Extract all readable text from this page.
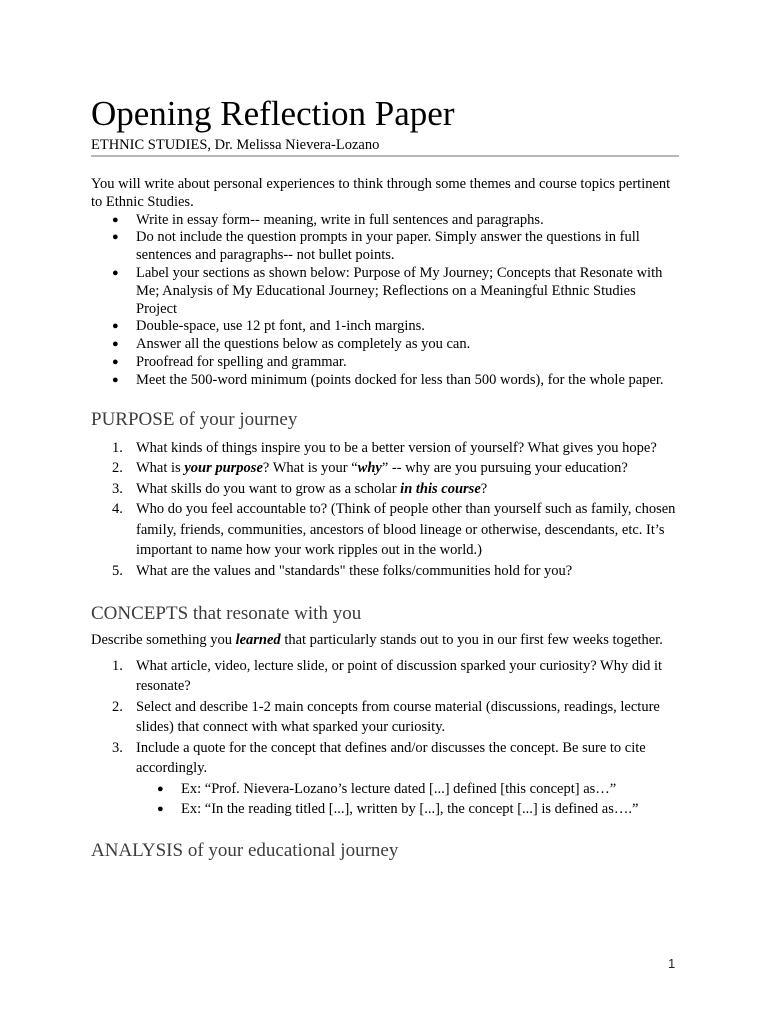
Opening Reflection Paper
ETHNIC STUDIES, Dr. Melissa Nievera-Lozano

You will write about personal experiences to think through some themes and course topics pertinent to Ethnic Studies.

● Write in essay form-- meaning, write in full sentences and paragraphs.
● Do not include the question prompts in your paper. Simply answer the questions in full sentences and paragraphs-- not bullet points.
● Label your sections as shown below: Purpose of My Journey; Concepts that Resonate with Me; Analysis of My Educational Journey; Reflections on a Meaningful Ethnic Studies Project
● Double-space, use 12 pt font, and 1-inch margins.
● Answer all the questions below as completely as you can.
● Proofread for spelling and grammar.
● Meet the 500-word minimum (points docked for less than 500 words), for the whole paper.
PURPOSE of your journey
1. What kinds of things inspire you to be a better version of yourself? What gives you hope?
2. What is your purpose? What is your “why” -- why are you pursuing your education?
3. What skills do you want to grow as a scholar in this course?
4. Who do you feel accountable to? (Think of people other than yourself such as family, chosen family, friends, communities, ancestors of blood lineage or otherwise, descendants, etc. It’s important to name how your work ripples out in the world.)
5. What are the values and "standards" these folks/communities hold for you?
CONCEPTS that resonate with you

Describe something you learned that particularly stands out to you in our first few weeks together.

1. What article, video, lecture slide, or point of discussion sparked your curiosity? Why did it resonate?
2. Select and describe 1-2 main concepts from course material (discussions, readings, lecture slides) that connect with what sparked your curiosity.
3. Include a quote for the concept that defines and/or discusses the concept. Be sure to cite accordingly.
● Ex: “Prof. Nievera-Lozano’s lecture dated [...] defined [this concept] as…”
● Ex: “In the reading titled [...], written by [...], the concept [...] is defined as….”
ANALYSIS of your educational journey
1
